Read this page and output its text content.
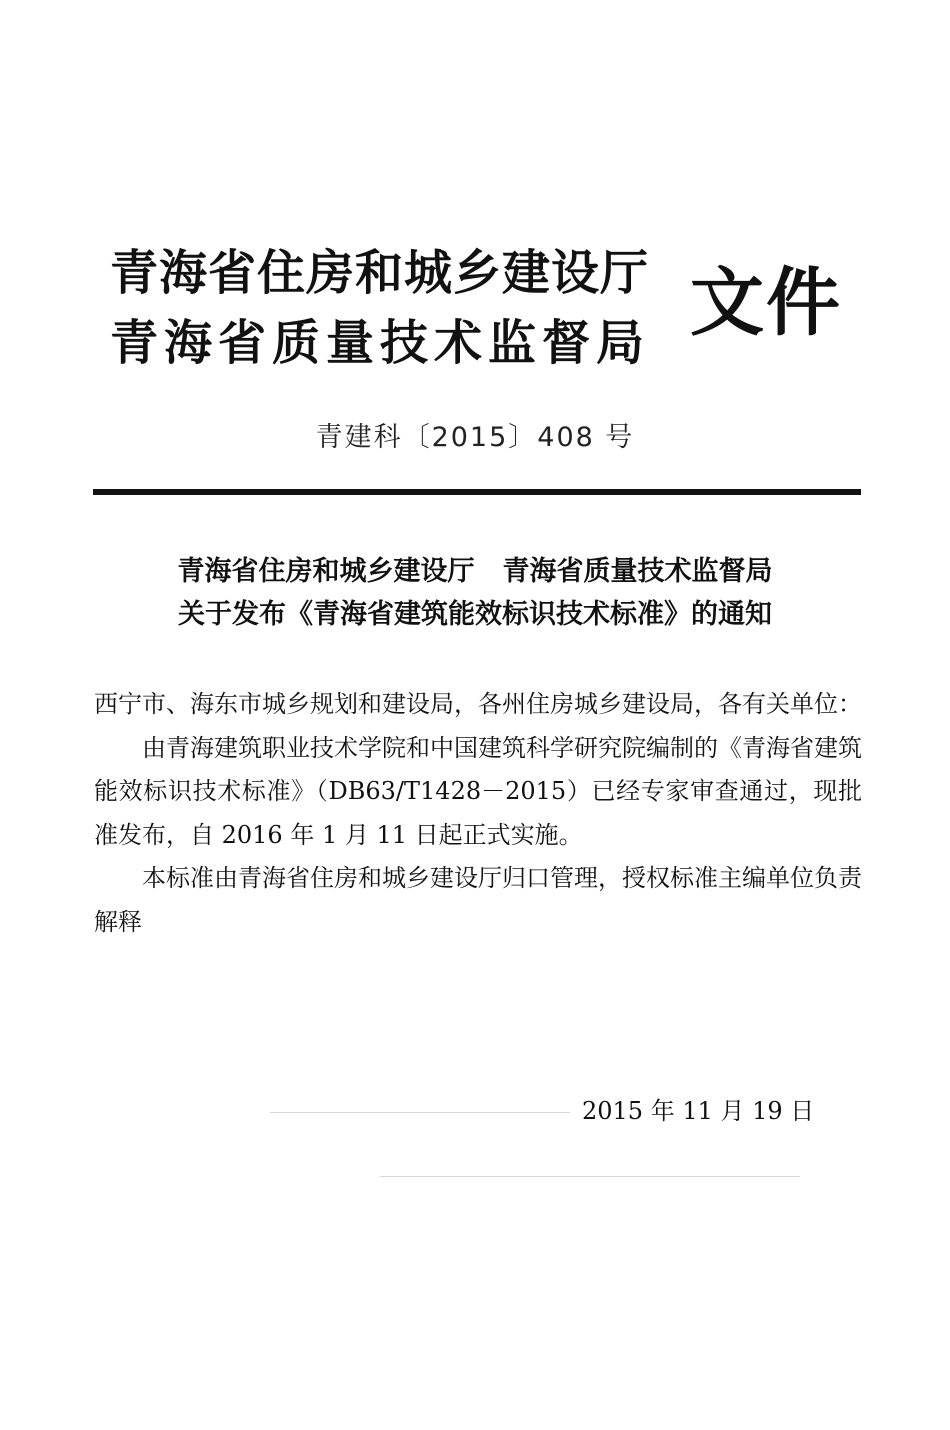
青海省住房和城乡建设厅
青海省质量技术监督局 文件
青建科〔2015〕408 号
青海省住房和城乡建设厅 青海省质量技术监督局
关于发布《青海省建筑能效标识技术标准》的通知

西宁市、海东市城乡规划和建设局，各州住房城乡建设局，各有关单位：

由青海建筑职业技术学院和中国建筑科学研究院编制的《青海省建筑能效标识技术标准》（DB63/T1428－2015）已经专家审查通过，现批准发布，自 2016 年 1 月 11 日起正式实施。

本标准由青海省住房和城乡建设厅归口管理，授权标准主编单位负责解释

2015 年 11 月 19 日
